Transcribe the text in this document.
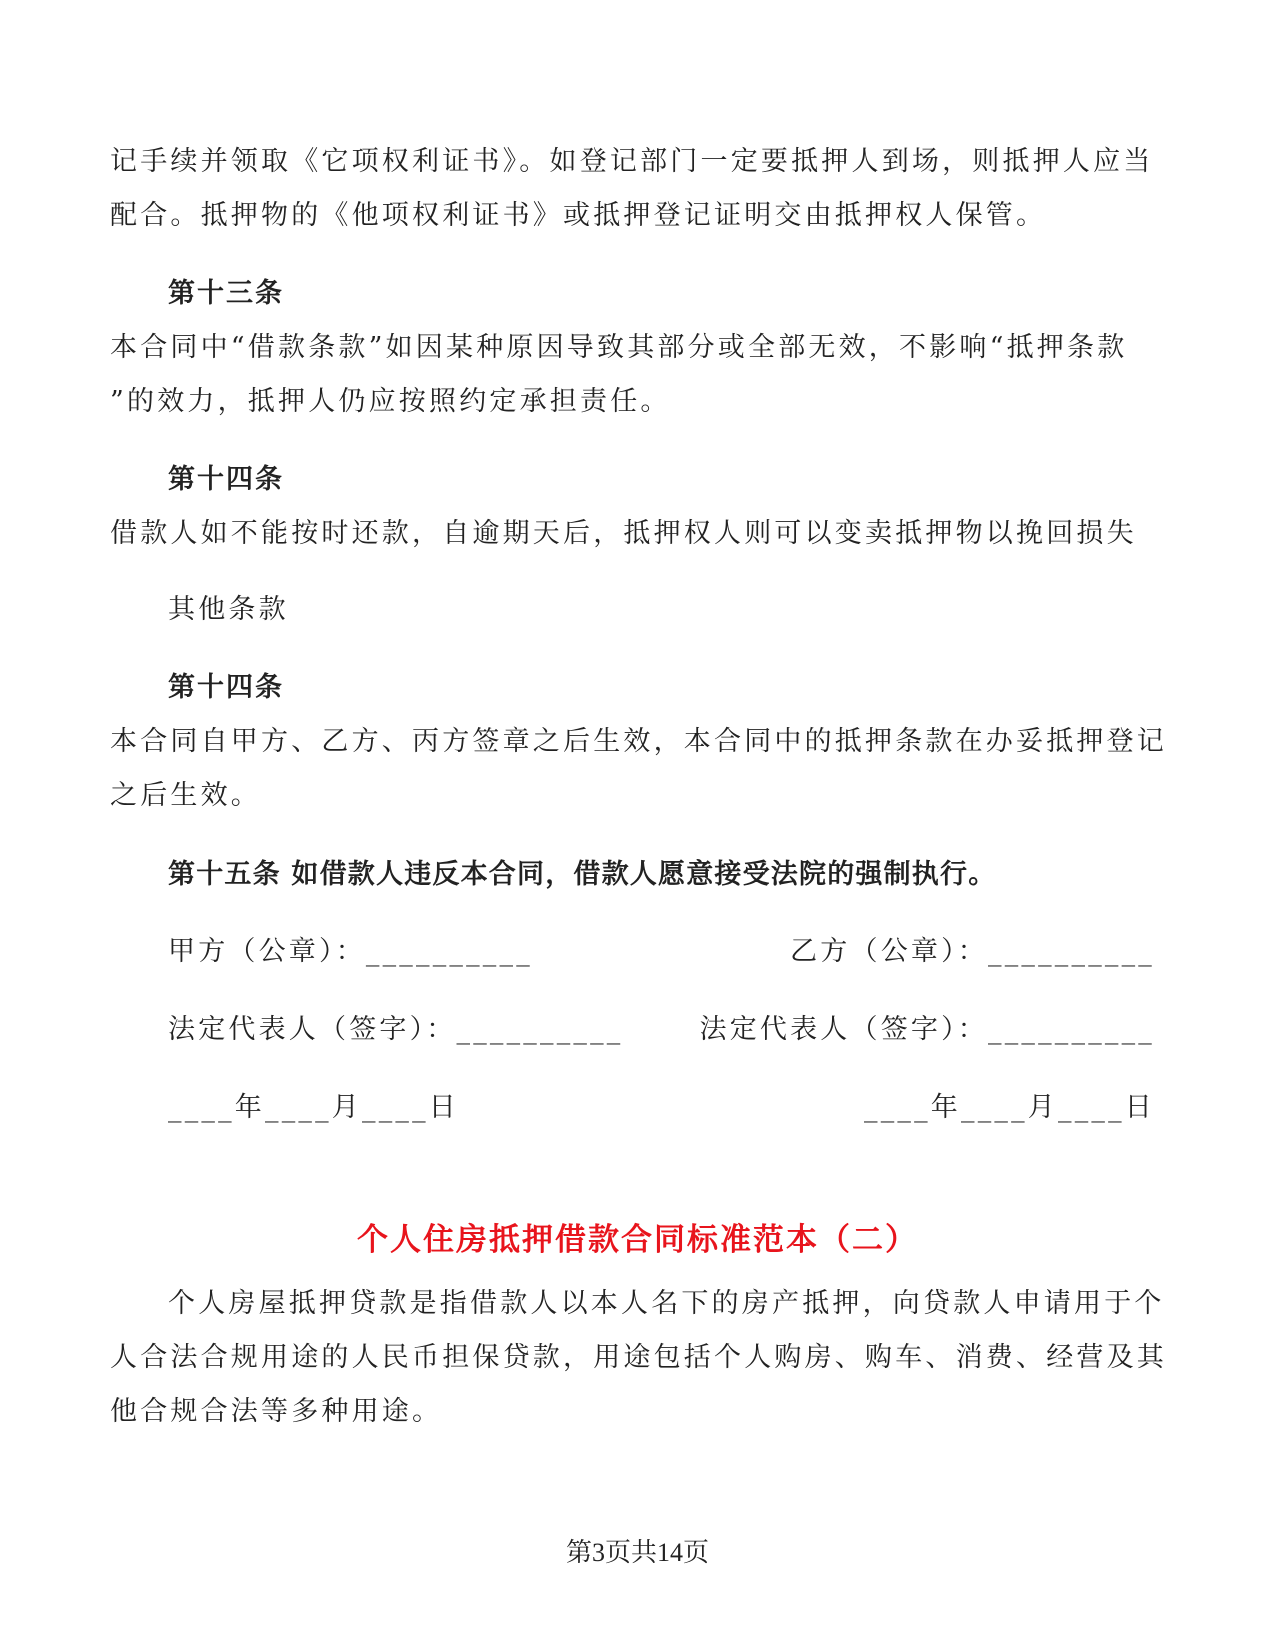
记手续并领取《它项权利证书》。如登记部门一定要抵押人到场，则抵押人应当
配合。抵押物的《他项权利证书》或抵押登记证明交由抵押权人保管。
第十三条
本合同中“借款条款”如因某种原因导致其部分或全部无效，不影响“抵押条款
”的效力，抵押人仍应按照约定承担责任。
第十四条
借款人如不能按时还款，自逾期天后，抵押权人则可以变卖抵押物以挽回损失
其他条款
第十四条
本合同自甲方、乙方、丙方签章之后生效，本合同中的抵押条款在办妥抵押登记
之后生效。
第十五条 如借款人违反本合同，借款人愿意接受法院的强制执行。
甲方（公章）：__________	乙方（公章）：__________
法定代表人（签字）：__________	法定代表人（签字）：__________
____年____月____日	____年____月____日
个人住房抵押借款合同标准范本（二）
个人房屋抵押贷款是指借款人以本人名下的房产抵押，向贷款人申请用于个
人合法合规用途的人民币担保贷款，用途包括个人购房、购车、消费、经营及其
他合规合法等多种用途。
第3页共14页
